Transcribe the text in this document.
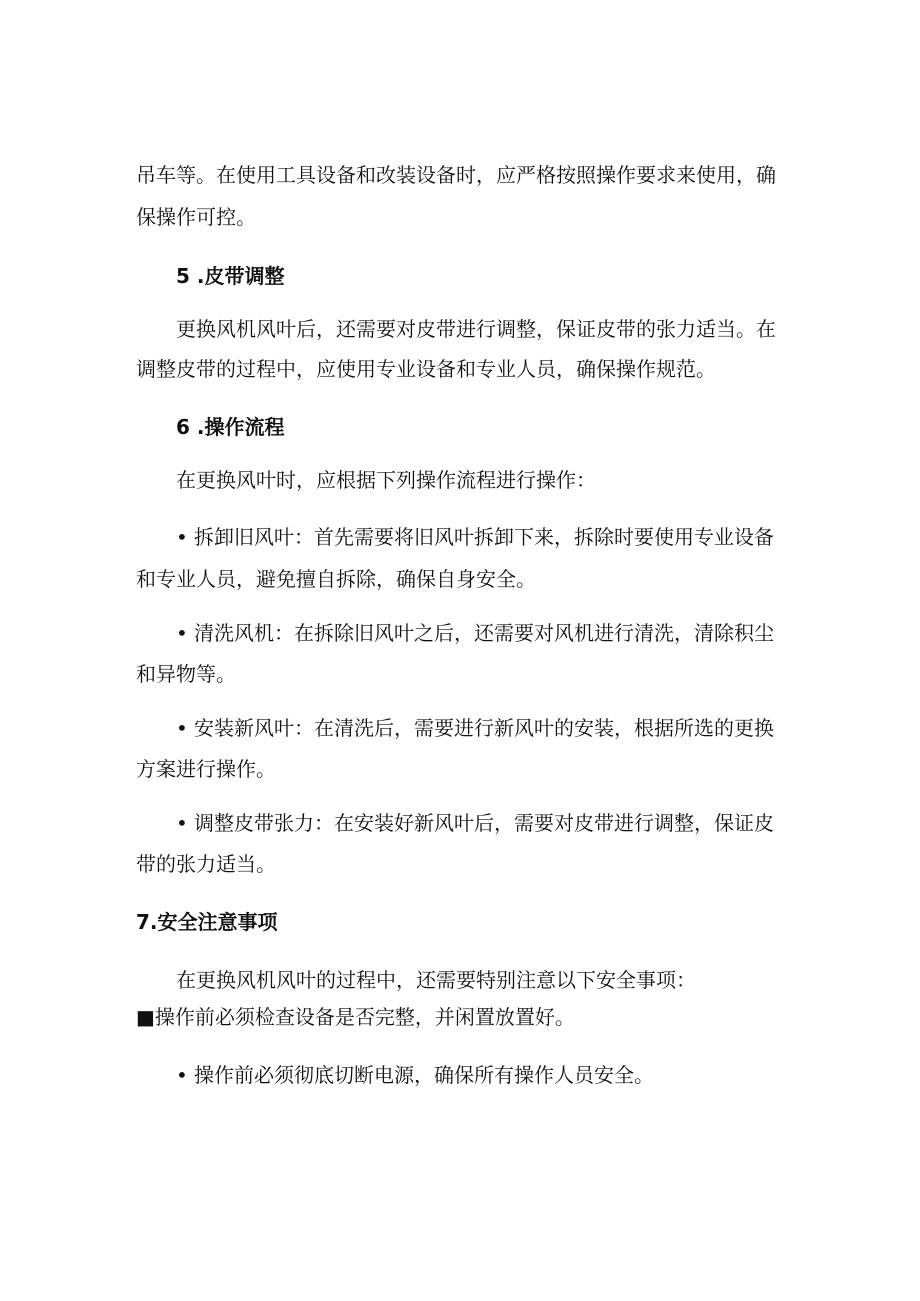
吊车等。在使用工具设备和改装设备时，应严格按照操作要求来使用，确
保操作可控。
5 .皮带调整
更换风机风叶后，还需要对皮带进行调整，保证皮带的张力适当。在
调整皮带的过程中，应使用专业设备和专业人员，确保操作规范。
6 .操作流程
在更换风叶时，应根据下列操作流程进行操作：
• 拆卸旧风叶：首先需要将旧风叶拆卸下来，拆除时要使用专业设备
和专业人员，避免擅自拆除，确保自身安全。
• 清洗风机：在拆除旧风叶之后，还需要对风机进行清洗，清除积尘
和异物等。
• 安装新风叶：在清洗后，需要进行新风叶的安装，根据所选的更换
方案进行操作。
• 调整皮带张力：在安装好新风叶后，需要对皮带进行调整，保证皮
带的张力适当。
7.安全注意事项
在更换风机风叶的过程中，还需要特别注意以下安全事项：
■操作前必须检查设备是否完整，并闲置放置好。
• 操作前必须彻底切断电源，确保所有操作人员安全。
